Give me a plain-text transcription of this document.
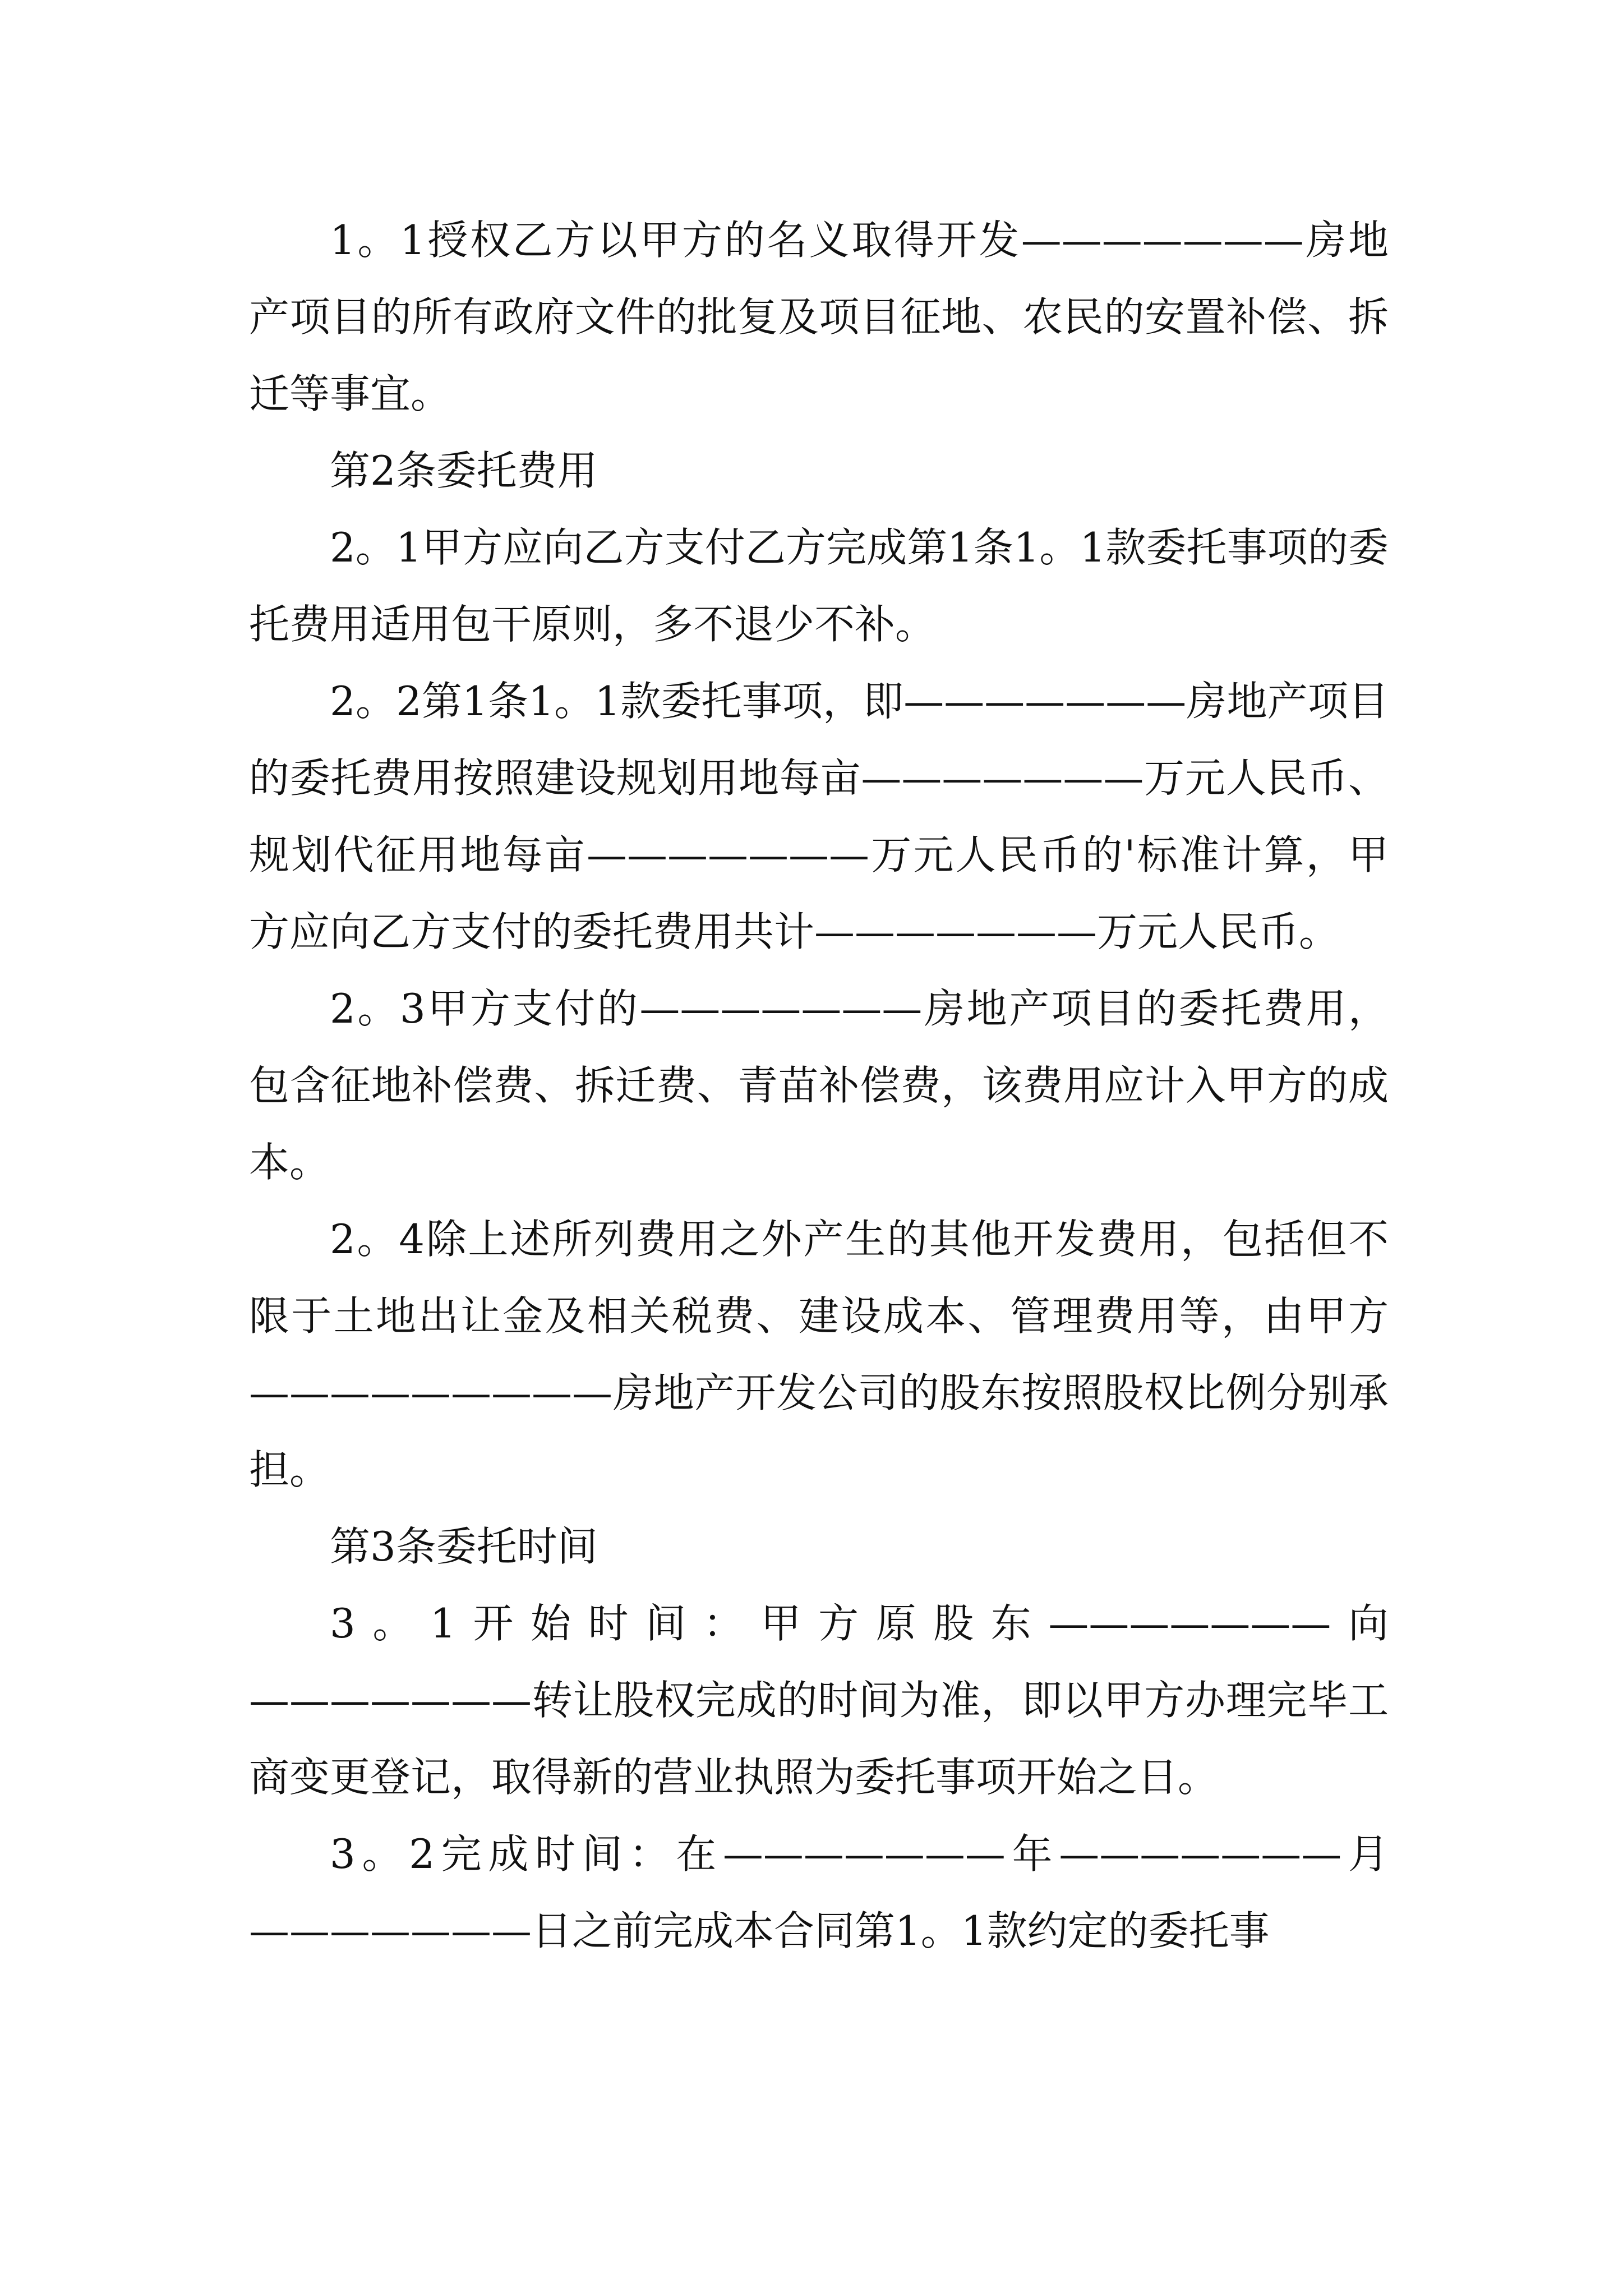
1。1授权乙方以甲方的名义取得开发———————房地产项目的所有政府文件的批复及项目征地、农民的安置补偿、拆迁等事宜。

第2条委托费用

2。1甲方应向乙方支付乙方完成第1条1。1款委托事项的委托费用适用包干原则，多不退少不补。

2。2第1条1。1款委托事项，即———————房地产项目的委托费用按照建设规划用地每亩———————万元人民币、规划代征用地每亩———————万元人民币的'标准计算，甲方应向乙方支付的委托费用共计———————万元人民币。

2。3甲方支付的———————房地产项目的委托费用，包含征地补偿费、拆迁费、青苗补偿费，该费用应计入甲方的成本。

2。4除上述所列费用之外产生的其他开发费用，包括但不限于土地出让金及相关税费、建设成本、管理费用等，由甲方—————————房地产开发公司的股东按照股权比例分别承担。

第3条委托时间

3。1开始时间：甲方原股东———————向———————转让股权完成的时间为准，即以甲方办理完毕工商变更登记，取得新的营业执照为委托事项开始之日。

3。2完成时间：在———————年———————月———————日之前完成本合同第1。1款约定的委托事
